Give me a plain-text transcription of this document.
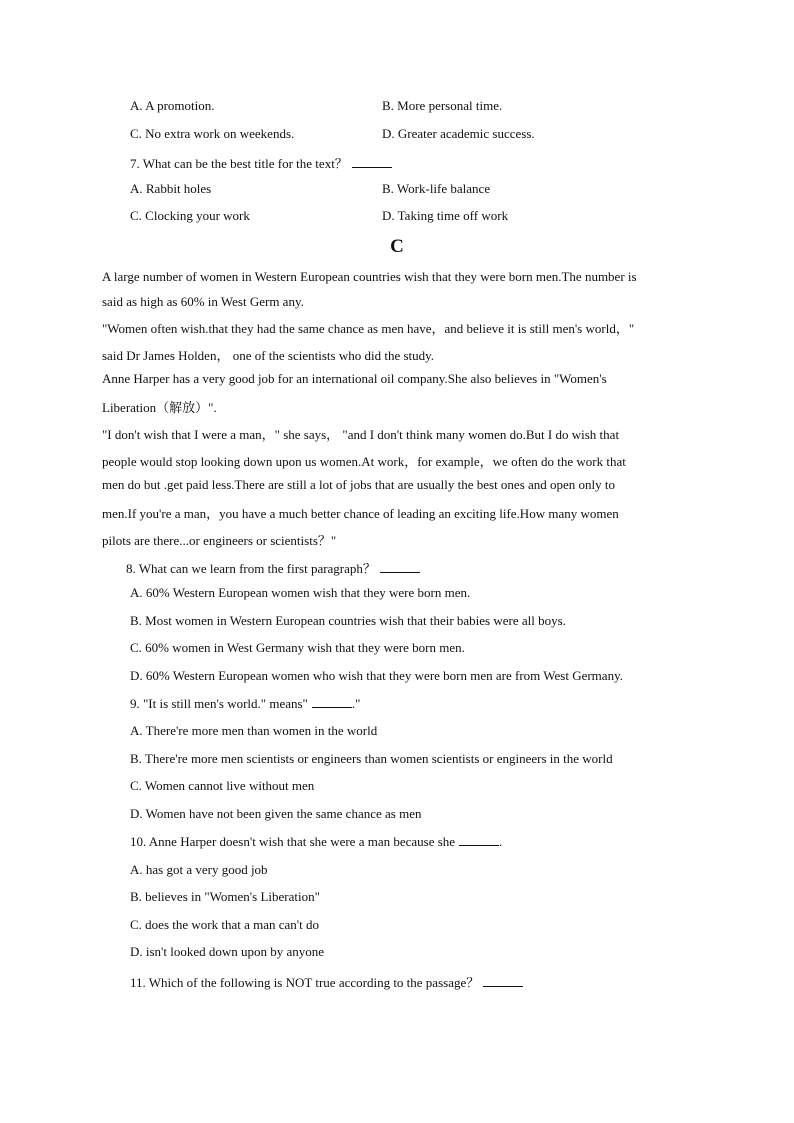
A. A promotion.	B. More personal time.
C. No extra work on weekends.	D. Greater academic success.
7. What can be the best title for the text？
A. Rabbit holes	B. Work-life balance
C. Clocking your work	D. Taking time off work
C
A large number of women in Western European countries wish that they were born men.The number is
said as high as 60% in West Germ any.
"Women often wish.that they had the same chance as men have，and believe it is still men's world，"
said Dr James Holden， one of the scientists who did the study.
Anne Harper has a very good job for an international oil company.She also believes in "Women's
Liberation（解放）".
"I don't wish that I were a man，" she says， "and I don't think many women do.But I do wish that
people would stop looking down upon us women.At work，for example，we often do the work that
men do but .get paid less.There are still a lot of jobs that are usually the best ones and open only to
men.If you're a man，you have a much better chance of leading an exciting life.How many women
pilots are there...or engineers or scientists？"
8. What can we learn from the first paragraph？
A. 60% Western European women wish that they were born men.
B. Most women in Western European countries wish that their babies were all boys.
C. 60% women in West Germany wish that they were born men.
D. 60% Western European women who wish that they were born men are from West Germany.
9. "It is still men's world." means"	."
A. There're more men than women in the world
B. There're more men scientists or engineers than women scientists or engineers in the world
C. Women cannot live without men
D. Women have not been given the same chance as men
10. Anne Harper doesn't wish that she were a man because she	.
A. has got a very good job
B. believes in "Women's Liberation"
C. does the work that a man can't do
D. isn't looked down upon by anyone
11. Which of the following is NOT true according to the passage？
